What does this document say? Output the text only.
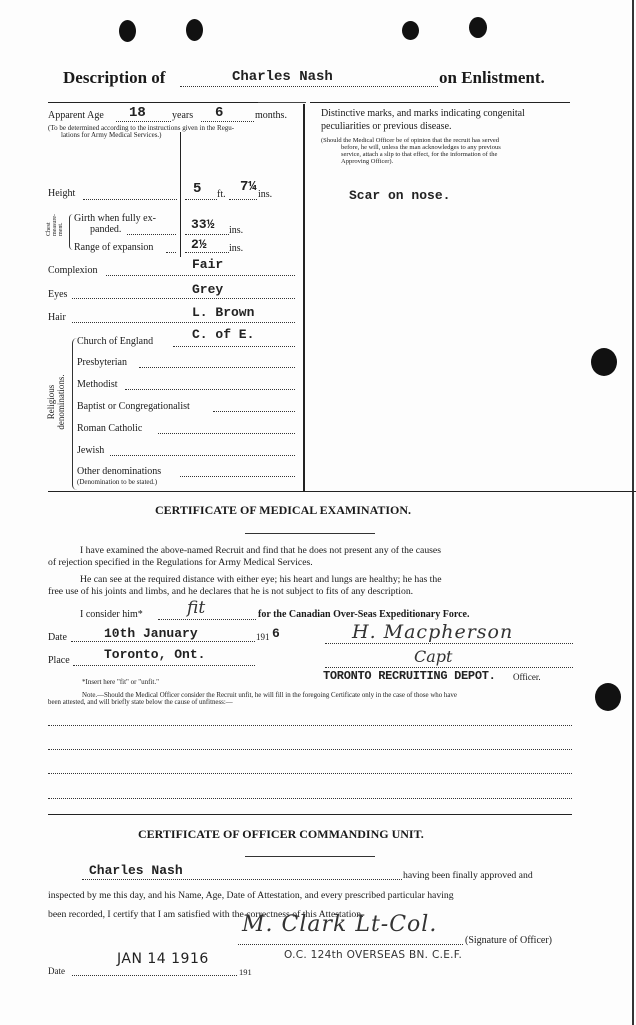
Description of	Charles Nash	on Enlistment.
Apparent Age 18	years 6	months.
(To be determined according to the instructions given in the Regu-
lations for Army Medical Services.)
Height	5 ft. 7¼ ins.
Chest measure- ment.
Girth when fully ex-
panded.	33½ ins.
Range of expansion	2½ ins.
Complexion	Fair
Eyes	Grey
Hair	L. Brown
Religious denominations.
Church of England	C. of E.
Presbyterian
Methodist
Baptist or Congregationalist
Roman Catholic
Jewish
Other denominations
(Denomination to be stated.)
Distinctive marks, and marks indicating congenital
peculiarities or previous disease.
(Should the Medical Officer be of opinion that the recruit has served
before, he will, unless the man acknowledges to any previous
service, attach a slip to that effect, for the information of the
Approving Officer).
Scar on nose.
CERTIFICATE OF MEDICAL EXAMINATION.
I have examined the above-named Recruit and find that he does not present any of the causes
of rejection specified in the Regulations for Army Medical Services.
He can see at the required distance with either eye; his heart and lungs are healthy; he has the
free use of his joints and limbs, and he declares that he is not subject to fits of any description.
I consider him*	fit	for the Canadian Over-Seas Expeditionary Force.
Date	10th January	191 6
Place	Toronto, Ont.
H. Macpherson
Capt
TORONTO RECRUITING DEPOT. Officer.
*Insert here "fit" or "unfit."
Note.—Should the Medical Officer consider the Recruit unfit, he will fill in the foregoing Certificate only in the case of those who have
been attested, and will briefly state below the cause of unfitness:—
CERTIFICATE OF OFFICER COMMANDING UNIT.
Charles Nash	having been finally approved and
inspected by me this day, and his Name, Age, Date of Attestation, and every prescribed particular having
been recorded, I certify that I am satisfied with the correctness of this Attestation.
M. Clark Lt-Col.
(Signature of Officer)
O.C. 124th OVERSEAS BN. C.E.F.
Date
JAN 14 1916
191
